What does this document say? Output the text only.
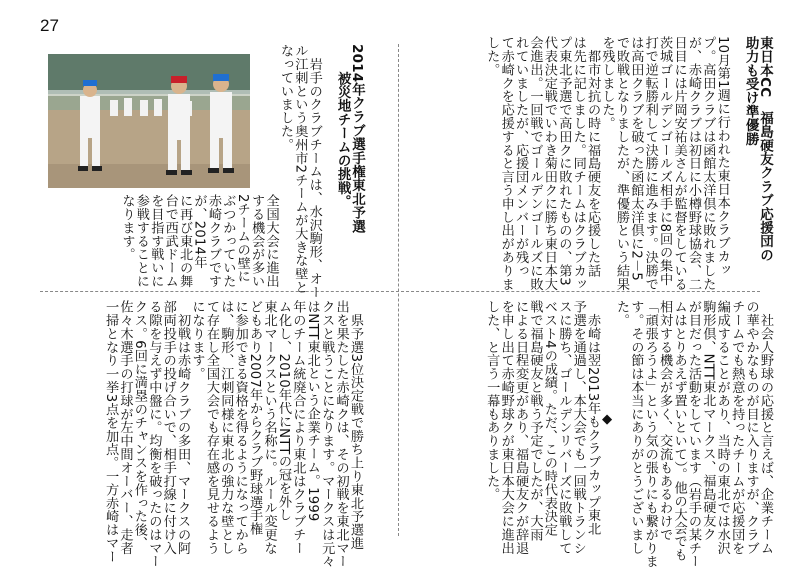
27
東日本CC　福島硬友クラブ応援団の
助力も受け準優勝

10月第1週に行われた東日本クラブカッ
プ。高田クラブは函館太洋倶に敗れました
が、赤崎クラブは初日に小樽野球協会、二
日目には片岡安祐美さんが監督をしている
茨城ゴールデンゴールズ相手に8回の集中
打で逆転勝利して決勝に進みます。決勝で
は高田クラブを破った函館太洋倶に2－5
で敗戦となりましたが、準優勝という結果
を残しました。
　都市対抗の時に福島硬友を応援した話
は先に記しました。同チームはクラブカッ
プ東北予選で高田クに敗れたものの、第3
代表決定戦でいわき菊田クに勝ち東日本大
会進出。一回戦でゴールデンゴールズに敗
れていましたが、応援団メンバーが残っ
て赤崎クを応援すると言う申し出がありま
した。
　社会人野球の応援と言えば、企業チーム
の華やかなものが目に入りますが、クラブ
チームでも熱意を持ったチームが応援団を
編成することがあり、当時の東北では水沢
駒形倶、NTT東北マークス、福島硬友ク
が目だった活動をしています（岩手の某チー
ムはとりあえず置いといて）。他の大会でも
相対する機会が多く、交流もあるわけで
「頑張ろうよ」という気の張りにも繋がりま
す。その節は本当にありがとうございまし
た。
◆
　赤崎は翌2013年もクラブカップ東北
予選を通過し、本大会でも一回戦トランシ
スに勝ち、ゴールデンリバーズに敗戦して
ベスト4の成績。ただ、この時代表決定
戦で福島硬友と戦う予定でしたが、大雨
による日程変更があり、福島硬友クが辞退
を申し出て赤崎野球クが東日本大会に進出
した、と言う一幕もありました。
2014年クラブ選手権東北予選
　　被災地チームの挑戦。

　岩手のクラブチームは、水沢駒形、オー
ル江刺という奥州市2チームが大きな壁と
なっていました。
全国大会に進出
する機会が多い
2チームの壁に
ぶつかっていた
赤崎クラブです
が、2014年
に再び東北の舞
台で西武ドーム
を目指す戦いに
参戦することに
なります。
　県予選3位決定戦で勝ち上り東北予選進
出を果たした赤崎クは、その初戦を東北マー
クスと戦うことになります。マークスは元々
はNTT東北という企業チーム。1999
年のチーム統廃合により東北はクラブチー
ム化し、2010年代にNTTの冠を外し
東北マークスという名称に。ルール変更な
どもあり2007年からクラブ野球選手権
に参加できる資格を得るようになってから
は、駒形、江刺同様に東北の強力な壁とし
て存在し全国大会でも存在感を見せるよう
になります。
　初戦は赤崎クラブの多田、マークスの阿
部両投手の投げ合いで、相手打線に付け入
る隙を与えず中盤に。均衡を破ったのはマー
クス。6回に満塁のチャンスを作った後、
佐々木選手の打球が左中間オーバー、走者
一掃となり一挙3点を加点。一方赤崎はマー
